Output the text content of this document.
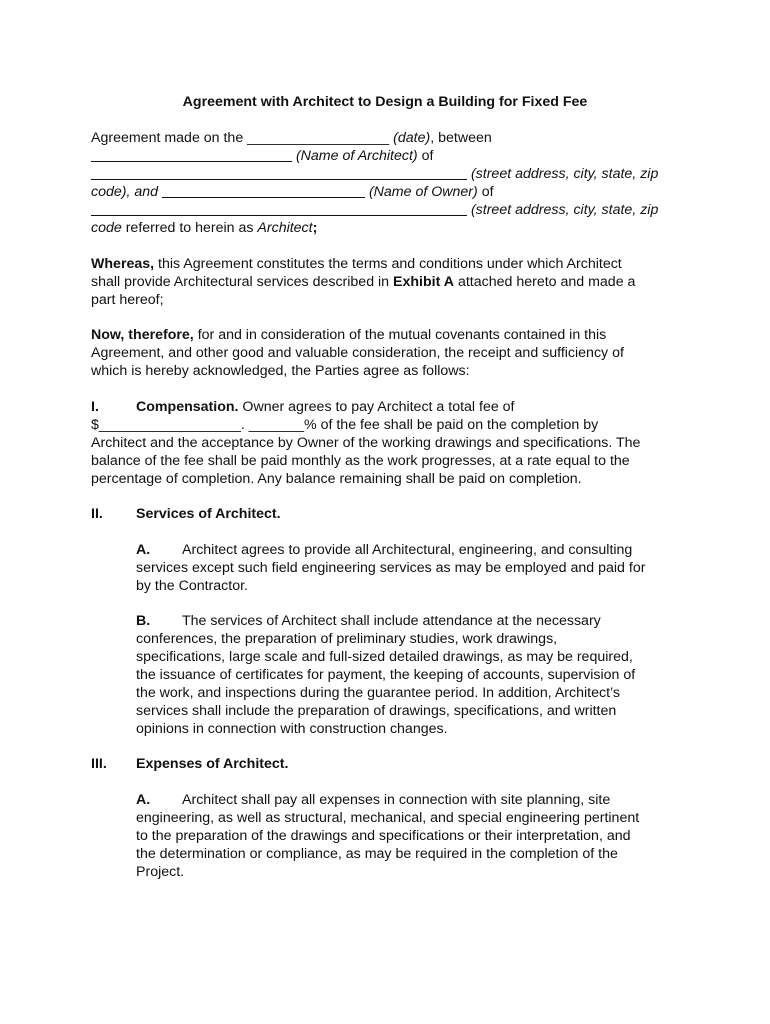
Agreement with Architect to Design a Building for Fixed Fee
Agreement made on the __________________ (date), between
(Name of Architect) of
(street address, city, state, zip
code), and	(Name of Owner) of
(street address, city, state, zip
code referred to herein as Architect;
Whereas, this Agreement constitutes the terms and conditions under which Architect
shall provide Architectural services described in Exhibit A attached hereto and made a
part hereof;
Now, therefore, for and in consideration of the mutual covenants contained in this
Agreement, and other good and valuable consideration, the receipt and sufficiency of
which is hereby acknowledged, the Parties agree as follows:
I.	Compensation. Owner agrees to pay Architect a total fee of
$__________________. _______% of the fee shall be paid on the completion by
Architect and the acceptance by Owner of the working drawings and specifications. The
balance of the fee shall be paid monthly as the work progresses, at a rate equal to the
percentage of completion. Any balance remaining shall be paid on completion.
II. Services of Architect.
A. Architect agrees to provide all Architectural, engineering, and consulting
services except such field engineering services as may be employed and paid for
by the Contractor.
B. The services of Architect shall include attendance at the necessary
conferences, the preparation of preliminary studies, work drawings,
specifications, large scale and full-sized detailed drawings, as may be required,
the issuance of certificates for payment, the keeping of accounts, supervision of
the work, and inspections during the guarantee period. In addition, Architect’s
services shall include the preparation of drawings, specifications, and written
opinions in connection with construction changes.
III. Expenses of Architect.
A. Architect shall pay all expenses in connection with site planning, site
engineering, as well as structural, mechanical, and special engineering pertinent
to the preparation of the drawings and specifications or their interpretation, and
the determination or compliance, as may be required in the completion of the
Project.
